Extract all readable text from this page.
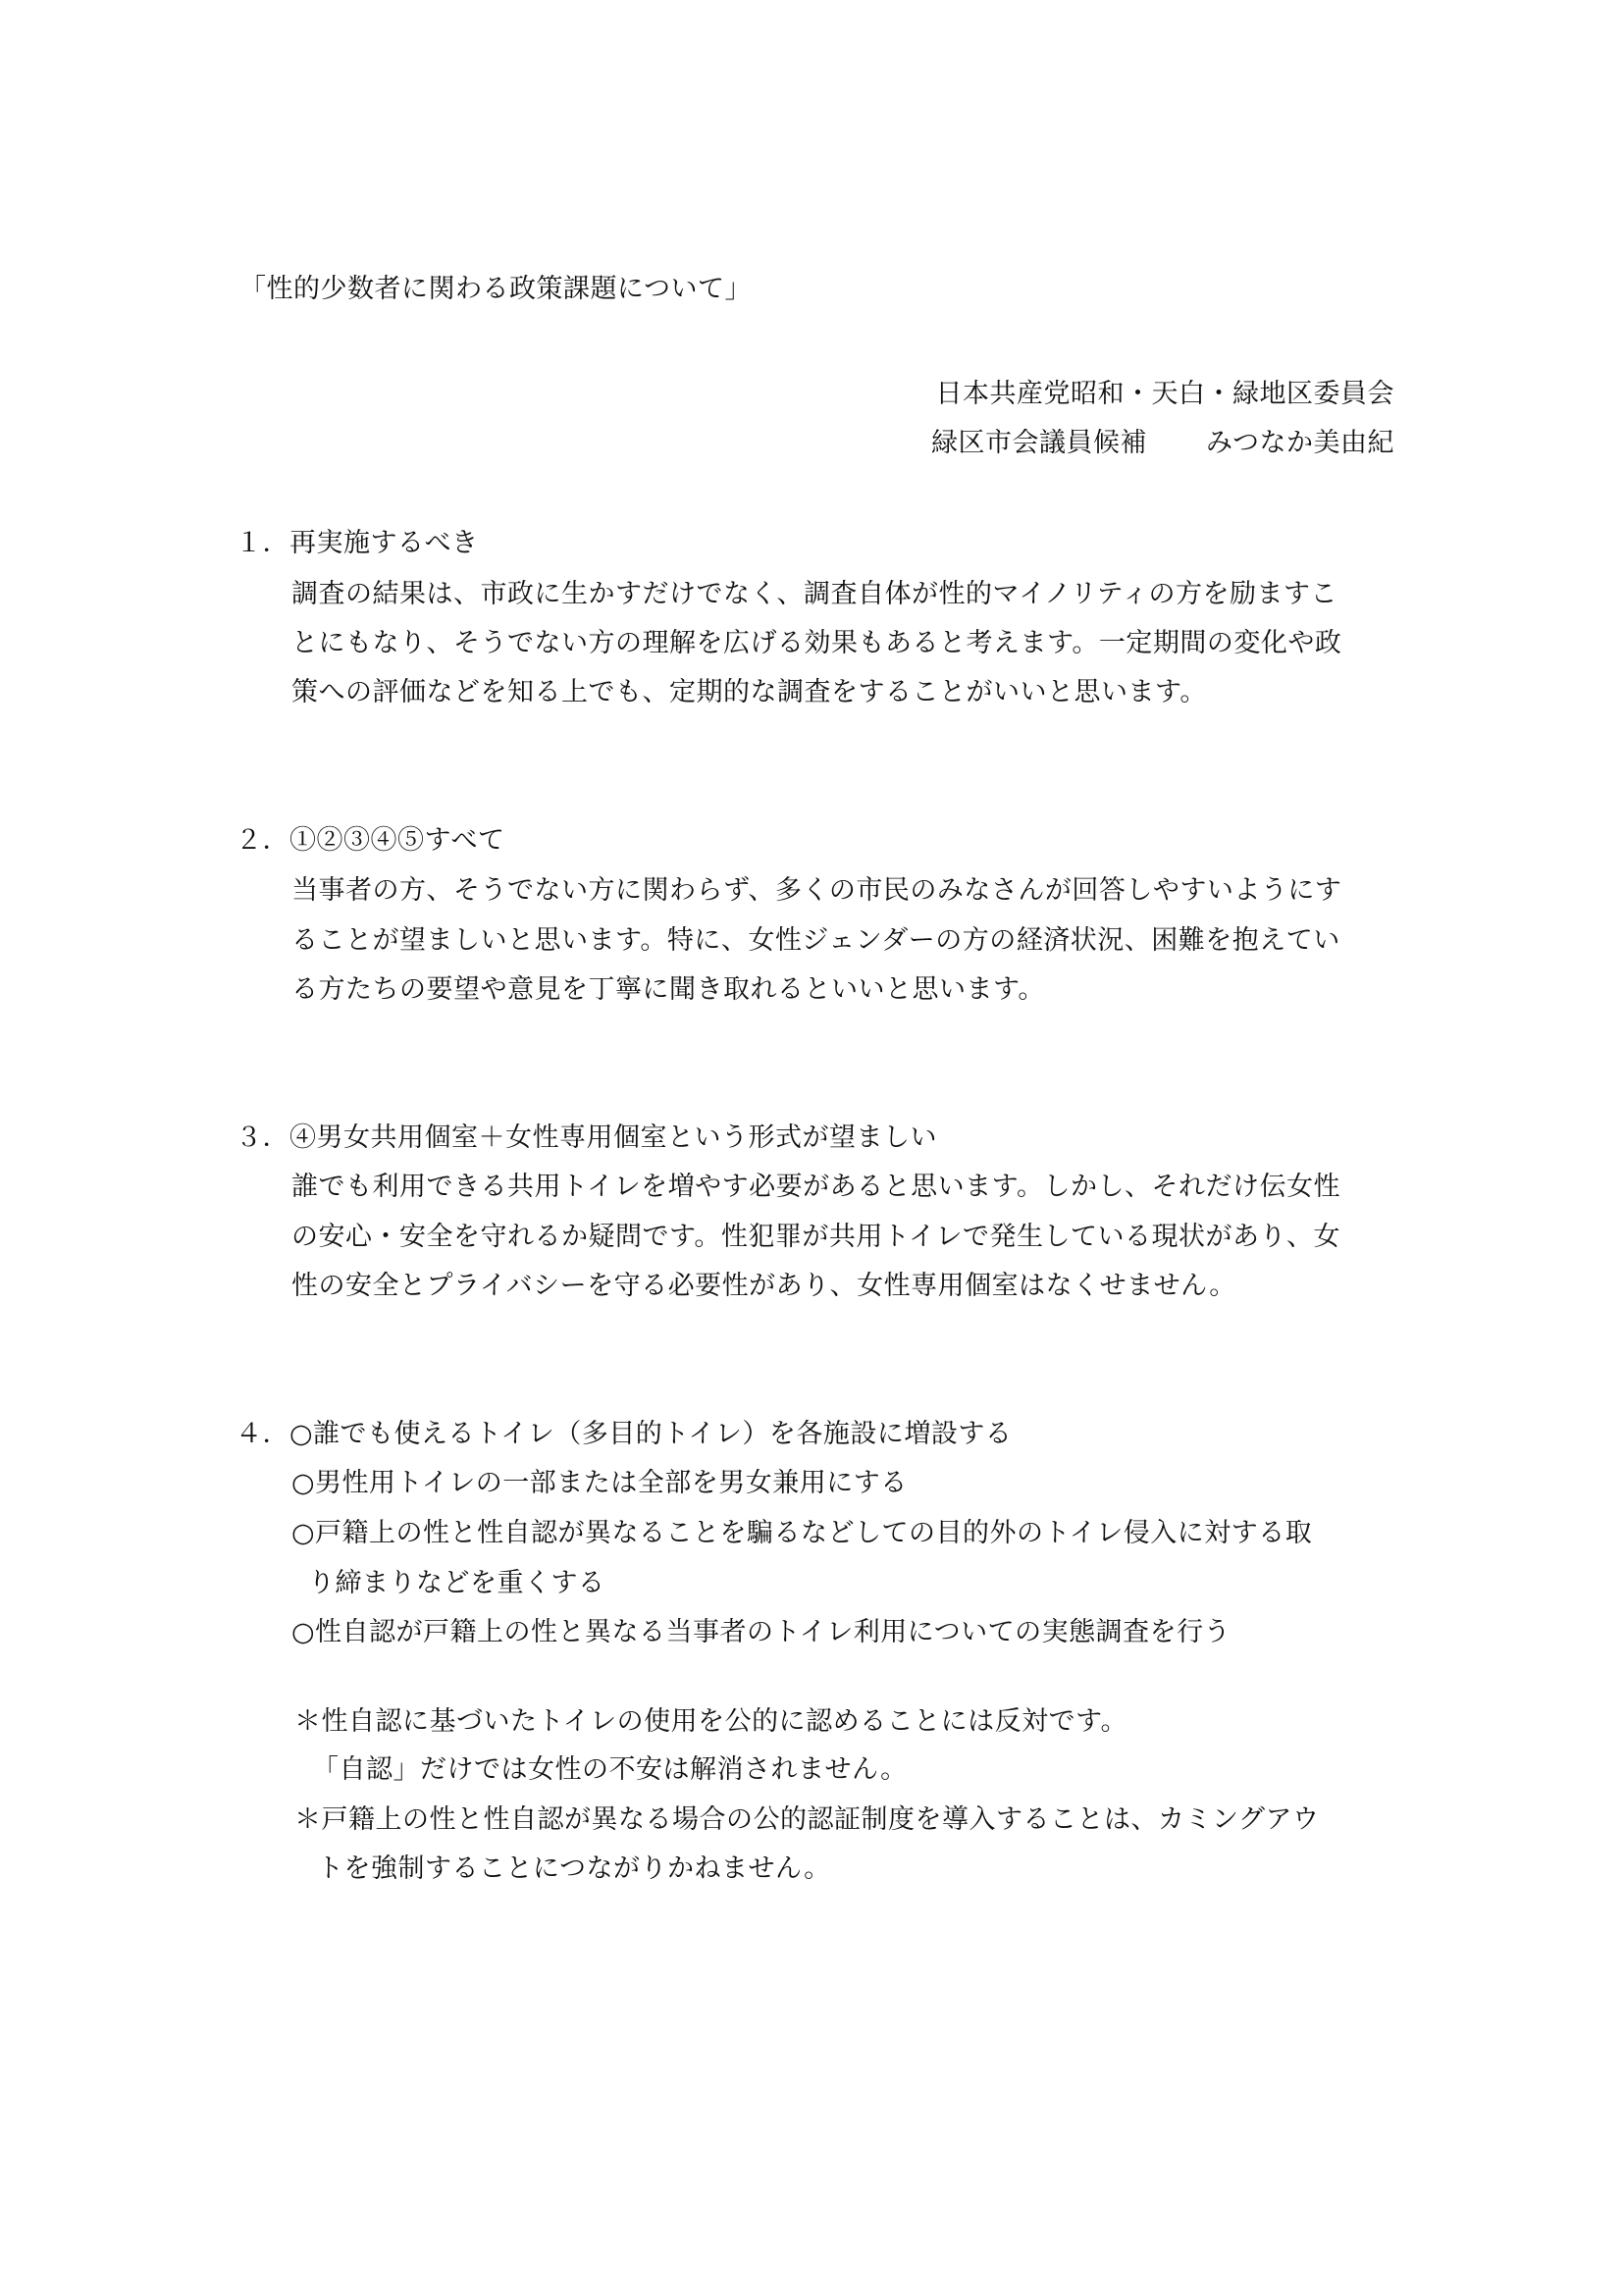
「性的少数者に関わる政策課題について」
日本共産党昭和・天白・緑地区委員会
緑区市会議員候補 みつなか美由紀
１．再実施するべき
調査の結果は、市政に生かすだけでなく、調査自体が性的マイノリティの方を励ますこ
とにもなり、そうでない方の理解を広げる効果もあると考えます。一定期間の変化や政
策への評価などを知る上でも、定期的な調査をすることがいいと思います。
２．①②③④⑤すべて
当事者の方、そうでない方に関わらず、多くの市民のみなさんが回答しやすいようにす
ることが望ましいと思います。特に、女性ジェンダーの方の経済状況、困難を抱えてい
る方たちの要望や意見を丁寧に聞き取れるといいと思います。
３．④男女共用個室＋女性専用個室という形式が望ましい
誰でも利用できる共用トイレを増やす必要があると思います。しかし、それだけ伝女性
の安心・安全を守れるか疑問です。性犯罪が共用トイレで発生している現状があり、女
性の安全とプライバシーを守る必要性があり、女性専用個室はなくせません。
４．○誰でも使えるトイレ（多目的トイレ）を各施設に増設する
○男性用トイレの一部または全部を男女兼用にする
○戸籍上の性と性自認が異なることを騙るなどしての目的外のトイレ侵入に対する取
り締まりなどを重くする
○性自認が戸籍上の性と異なる当事者のトイレ利用についての実態調査を行う
＊性自認に基づいたトイレの使用を公的に認めることには反対です。
「自認」だけでは女性の不安は解消されません。
＊戸籍上の性と性自認が異なる場合の公的認証制度を導入することは、カミングアウ
トを強制することにつながりかねません。
